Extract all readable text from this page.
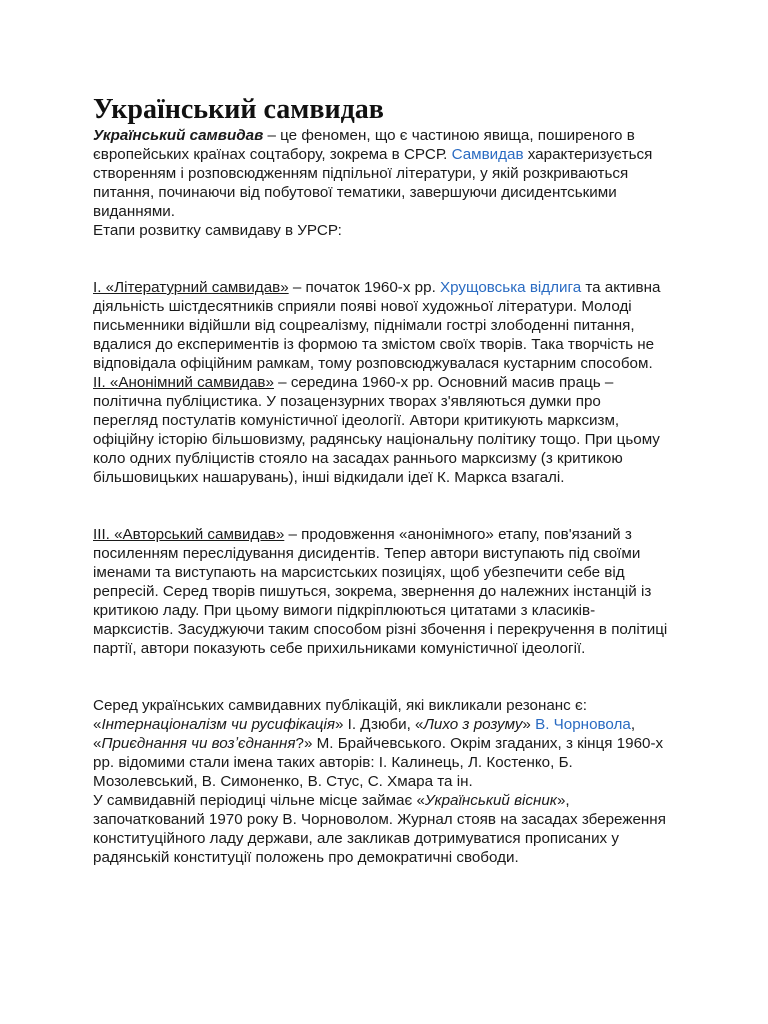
Український самвидав

Український самвидав – це феномен, що є частиною явища, поширеного в європейських країнах соцтабору, зокрема в СРСР. Самвидав характеризується створенням і розповсюдженням підпільної літератури, у якій розкриваються питання, починаючи від побутової тематики, завершуючи дисидентськими виданнями.

Етапи розвитку самвидаву в УРСР:

I. «Літературний самвидав» – початок 1960-х рр. Хрущовська відлига та активна діяльність шістдесятників сприяли появі нової художньої літератури. Молоді письменники відійшли від соцреалізму, піднімали гострі злободенні питання, вдалися до експериментів із формою та змістом своїх творів. Така творчість не відповідала офіційним рамкам, тому розповсюджувалася кустарним способом.

II. «Анонімний самвидав» – середина 1960-х рр. Основний масив праць – політична публіцистика. У позацензурних творах з'являються думки про перегляд постулатів комуністичної ідеології. Автори критикують марксизм, офіційну історію більшовизму, радянську національну політику тощо. При цьому коло одних публіцистів стояло на засадах раннього марксизму (з критикою більшовицьких нашарувань), інші відкидали ідеї К. Маркса взагалі.

III. «Авторський самвидав» – продовження «анонімного» етапу, пов'язаний з посиленням переслідування дисидентів. Тепер автори виступають під своїми іменами та виступають на марсистських позиціях, щоб убезпечити себе від репресій. Серед творів пишуться, зокрема, звернення до належних інстанцій із критикою ладу. При цьому вимоги підкріплюються цитатами з класиків-марксистів. Засуджуючи таким способом різні збочення і перекручення в політиці партії, автори показують себе прихильниками комуністичної ідеології.

Серед українських самвидавних публікацій, які викликали резонанс є: «Інтернаціоналізм чи русифікація» І. Дзюби, «Лихо з розуму» В. Чорновола, «Приєднання чи возʼєднання?» М. Брайчевського. Окрім згаданих, з кінця 1960-х рр. відомими стали імена таких авторів: І. Калинець, Л. Костенко, Б. Мозолевський, В. Симоненко, В. Стус, С. Хмара та ін.

У самвидавній періодиці чільне місце займає «Український вісник», започаткований 1970 року В. Чорноволом. Журнал стояв на засадах збереження конституційного ладу держави, але закликав дотримуватися прописаних у радянській конституції положень про демократичні свободи.
